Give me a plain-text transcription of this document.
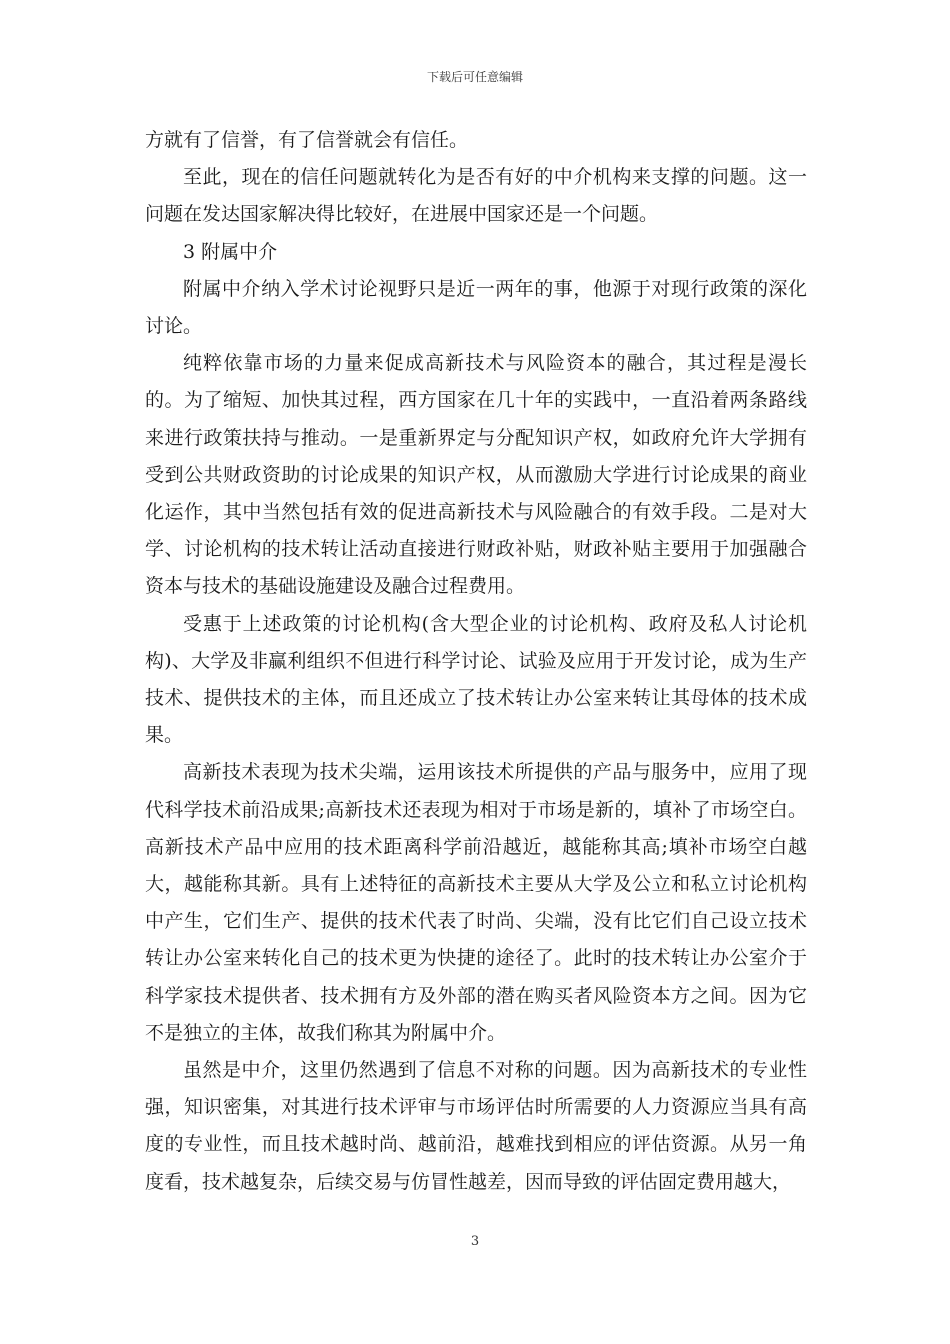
下载后可任意编辑

方就有了信誉，有了信誉就会有信任。

至此，现在的信任问题就转化为是否有好的中介机构来支撑的问题。这一问题在发达国家解决得比较好，在进展中国家还是一个问题。

3 附属中介

附属中介纳入学术讨论视野只是近一两年的事，他源于对现行政策的深化讨论。

纯粹依靠市场的力量来促成高新技术与风险资本的融合，其过程是漫长的。为了缩短、加快其过程，西方国家在几十年的实践中，一直沿着两条路线来进行政策扶持与推动。一是重新界定与分配知识产权，如政府允许大学拥有受到公共财政资助的讨论成果的知识产权，从而激励大学进行讨论成果的商业化运作，其中当然包括有效的促进高新技术与风险融合的有效手段。二是对大学、讨论机构的技术转让活动直接进行财政补贴，财政补贴主要用于加强融合资本与技术的基础设施建设及融合过程费用。

受惠于上述政策的讨论机构(含大型企业的讨论机构、政府及私人讨论机构)、大学及非赢利组织不但进行科学讨论、试验及应用于开发讨论，成为生产技术、提供技术的主体，而且还成立了技术转让办公室来转让其母体的技术成果。

高新技术表现为技术尖端，运用该技术所提供的产品与服务中，应用了现代科学技术前沿成果;高新技术还表现为相对于市场是新的，填补了市场空白。高新技术产品中应用的技术距离科学前沿越近，越能称其高;填补市场空白越大，越能称其新。具有上述特征的高新技术主要从大学及公立和私立讨论机构中产生，它们生产、提供的技术代表了时尚、尖端，没有比它们自己设立技术转让办公室来转化自己的技术更为快捷的途径了。此时的技术转让办公室介于科学家技术提供者、技术拥有方及外部的潜在购买者风险资本方之间。因为它不是独立的主体，故我们称其为附属中介。

虽然是中介，这里仍然遇到了信息不对称的问题。因为高新技术的专业性强，知识密集，对其进行技术评审与市场评估时所需要的人力资源应当具有高度的专业性，而且技术越时尚、越前沿，越难找到相应的评估资源。从另一角度看，技术越复杂，后续交易与仿冒性越差，因而导致的评估固定费用越大，

3
